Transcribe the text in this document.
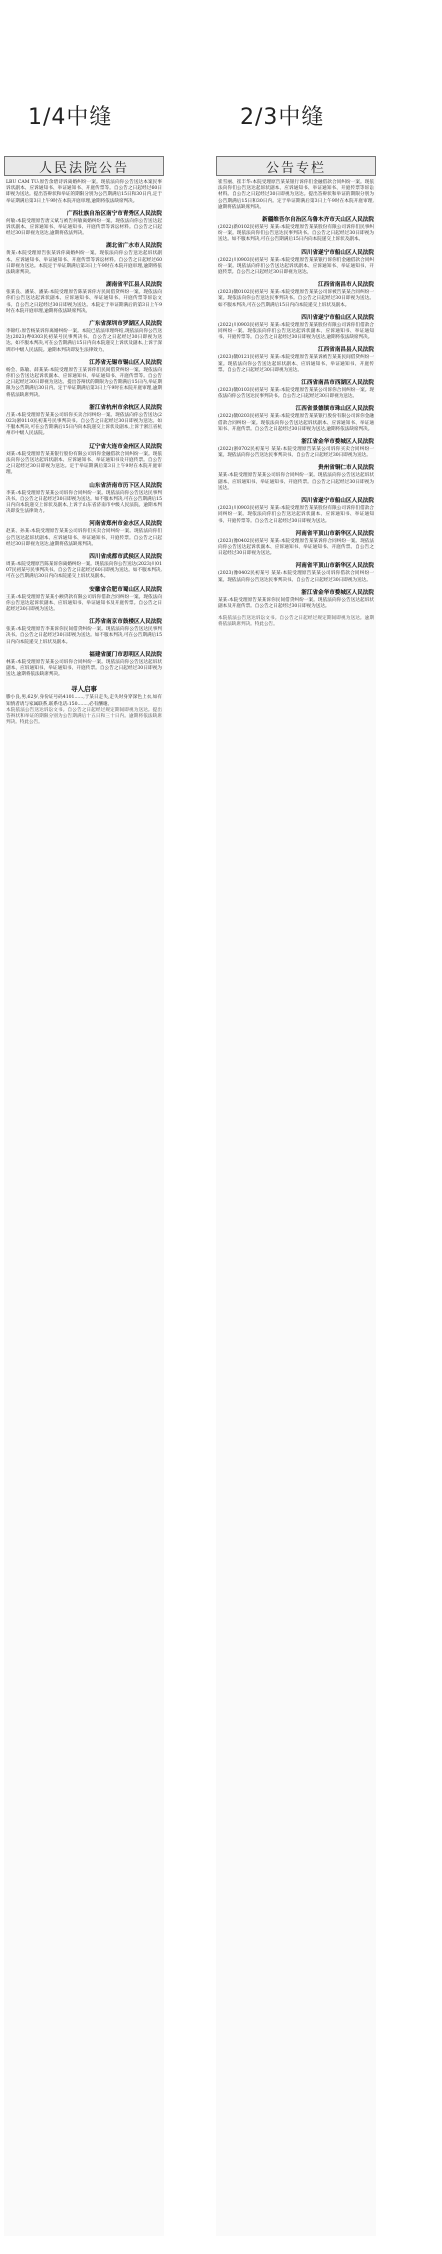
1/4中缝	2/3中缝
人民法院公告

LBU CAM TU:原告余碧诗诉离婚纠纷一案。现依法向你公告送达本案民事诉状副本、应诉通知书、举证通知书、开庭传票等。自公告之日起经过60日即视为送达。提出答辩状和举证的期限分别为公告期满后15日和30日内,定于举证期满后第3日上午9时在本院开庭审理,逾期将依法缺席判决。

广西壮族自治区南宁市青秀区人民法院

何敏:本院受理原告唐义斌与被告何敏离婚纠纷一案。现依法向你公告送达起诉状副本、应诉通知书、举证通知书、开庭传票等诉讼材料。自公告之日起经过30日即视为送达,逾期将依法判决。

湖北省广水市人民法院

黄某:本院受理原告张某诉你离婚纠纷一案。现依法向你公告送达起诉状副本、应诉通知书、举证通知书、开庭传票等诉讼材料。自公告之日起经过60日即视为送达。本院定于举证期满后第3日上午9时在本院开庭审理,逾期将依法缺席判决。

湖南省平江县人民法院

张某良、潘某、潘某:本院受理原告陈某诉你方民间借贷纠纷一案。现依法向你们公告送达起诉状副本、应诉通知书、举证通知书、开庭传票等诉讼文书。自公告之日起经过30日即视为送达。本院定于举证期满后的第3日上午9时在本院开庭审理,逾期将依法缺席判决。

广东省深圳市罗湖区人民法院

李锦红:原告杨某诉你离婚纠纷一案。本院已依法审理终结,现依法向你公告送达(2023)粤0303民初某号民事判决书。自公告之日起经过30日即视为送达。如不服本判决,可在公告期满后15日内向本院递交上诉状及副本,上诉于深圳市中级人民法院。逾期本判决即发生法律效力。

江苏省无锡市锡山区人民法院

杨会、陈敏、薛某某:本院受理原告王某诉你们民间借贷纠纷一案。现依法向你们公告送达起诉状副本、应诉通知书、举证通知书、开庭传票等。自公告之日起经过30日即视为送达。提出答辩状的期限为公告期满后15日内,举证期限为公告期满后30日内。定于举证期满后第3日上午9时在本院开庭审理,逾期将依法缺席判决。

浙江省杭州市余杭区人民法院

吕某:本院受理原告某某公司诉你买卖合同纠纷一案。现依法向你公告送达(2023)浙0110民初某号民事判决书。自公告之日起经过30日即视为送达。如不服本判决,可在公告期满后15日内向本院递交上诉状及副本,上诉于浙江省杭州市中级人民法院。

辽宁省大连市金州区人民法院

刘某:本院受理原告某某银行股份有限公司诉你金融借款合同纠纷一案。现依法向你公告送达起诉状副本、应诉通知书、举证通知书及开庭传票。自公告之日起经过30日即视为送达。定于举证期满后第3日上午9时在本院开庭审理。

山东省济南市历下区人民法院

李某:本院受理原告某某公司诉你合同纠纷一案。现依法向你公告送达民事判决书。自公告之日起经过30日即视为送达。如不服本判决,可在公告期满后15日内向本院递交上诉状及副本,上诉于山东省济南市中级人民法院。逾期本判决即发生法律效力。

河南省郑州市金水区人民法院

赵某、孙某:本院受理原告某某公司诉你们买卖合同纠纷一案。现依法向你们公告送达起诉状副本、应诉通知书、举证通知书、开庭传票。自公告之日起经过30日即视为送达,逾期将依法缺席判决。

四川省成都市武侯区人民法院

周某:本院受理原告陈某诉你离婚纠纷一案。现依法向你公告送达(2023)川0107民初某号民事判决书。自公告之日起经过60日即视为送达。如不服本判决,可在公告期满后30日内向本院递交上诉状及副本。

安徽省合肥市蜀山区人民法院

王某:本院受理原告某某小额贷款有限公司诉你借款合同纠纷一案。现依法向你公告送达起诉状副本、应诉通知书、举证通知书及开庭传票。自公告之日起经过30日即视为送达。

江苏省南京市鼓楼区人民法院

张某:本院受理原告李某诉你民间借贷纠纷一案。现依法向你公告送达民事判决书。自公告之日起经过30日即视为送达。如不服本判决,可在公告期满后15日内向本院递交上诉状及副本。

福建省厦门市思明区人民法院

林某:本院受理原告某某公司诉你合同纠纷一案。现依法向你公告送达起诉状副本、应诉通知书、举证通知书、开庭传票。自公告之日起经过30日即视为送达,逾期将依法缺席判决。

寻人启事

滕小良,男,62岁,身份证号码4101......,于某日走失,走失时身穿深色上衣,如有知情者请与家属联系,联系电话:150.......,必有酬谢。

本院依法公告送达诉讼文书。自公告之日起经过规定期间即视为送达。提出答辩状和举证的期限分别为公告期满后十五日和三十日内。逾期将依法缺席判决。特此公告。

公告专栏

崔雪丽、崔丰华:本院受理原告某某银行诉你们金融借款合同纠纷一案。现依法向你们公告送达起诉状副本、应诉通知书、举证通知书、开庭传票等诉讼材料。自公告之日起经过30日即视为送达。提出答辩状和举证的期限分别为公告期满后15日和30日内。定于举证期满后第3日上午9时在本院开庭审理,逾期将依法缺席判决。

新疆维吾尔自治区乌鲁木齐市天山区人民法院

(2022)新0102民初某号 某某:本院受理原告某某股份有限公司诉你们民事纠纷一案。现依法向你们公告送达民事判决书。自公告之日起经过30日即视为送达。如不服本判决,可在公告期满后15日内向本院递交上诉状及副本。

四川省遂宁市船山区人民法院

(2022)川0903民初某号 某某:本院受理原告某某银行诉你们金融借款合同纠纷一案。现依法向你们公告送达起诉状副本、应诉通知书、举证通知书、开庭传票。自公告之日起经过30日即视为送达。

江西省南昌市人民法院

(2023)赣0102民初某号 某某:本院受理原告某某公司诉被告某某合同纠纷一案。现依法向你公告送达民事判决书。自公告之日起经过30日即视为送达。如不服本判决,可在公告期满后15日内向本院递交上诉状及副本。

四川省遂宁市船山区人民法院

(2022)川0903民初某号 某某:本院受理原告某某股份有限公司诉你们借款合同纠纷一案。现依法向你们公告送达起诉状副本、应诉通知书、举证通知书、开庭传票等。自公告之日起经过30日即视为送达,逾期将依法缺席判决。

江西省南昌县人民法院

(2023)赣0121民初某号 某某:本院受理原告某某诉被告某某民间借贷纠纷一案。现依法向你公告送达起诉状副本、应诉通知书、举证通知书、开庭传票。自公告之日起经过30日即视为送达。

江西省南昌市西湖区人民法院

(2023)赣0103民初某号 某某:本院受理原告某某公司诉你合同纠纷一案。现依法向你公告送达民事判决书。自公告之日起经过30日即视为送达。

江西省景德镇市珠山区人民法院

(2022)赣0203民初某号 某某:本院受理原告某某银行股份有限公司诉你金融借款合同纠纷一案。现依法向你公告送达起诉状副本、应诉通知书、举证通知书、开庭传票。自公告之日起经过30日即视为送达,逾期将依法缺席判决。

浙江省金华市婺城区人民法院

(2022)浙0702民初某号 某某:本院受理原告某某公司诉你买卖合同纠纷一案。现依法向你公告送达民事判决书。自公告之日起经过30日即视为送达。

贵州省铜仁市人民法院

某某:本院受理原告某某公司诉你合同纠纷一案。现依法向你公告送达起诉状副本、应诉通知书、举证通知书、开庭传票。自公告之日起经过30日即视为送达。

四川省遂宁市船山区人民法院

(2023)川0903民初某号 某某:本院受理原告某某股份有限公司诉你们借款合同纠纷一案。现依法向你们公告送达起诉状副本、应诉通知书、举证通知书、开庭传票等。自公告之日起经过30日即视为送达。

河南省平顶山市新华区人民法院

(2023)豫0402民初某号 某某:本院受理原告某某诉你合同纠纷一案。现依法向你公告送达起诉状副本、应诉通知书、举证通知书、开庭传票。自公告之日起经过30日即视为送达。

河南省平顶山市新华区人民法院

(2023)豫0402民初某号 某某:本院受理原告某某公司诉你借款合同纠纷一案。现依法向你公告送达民事判决书。自公告之日起经过30日即视为送达。

浙江省金华市婺城区人民法院

某某:本院受理原告某某诉你民间借贷纠纷一案。现依法向你公告送达起诉状副本及开庭传票。自公告之日起经过30日即视为送达。

本院依法公告送达诉讼文书。自公告之日起经过规定期间即视为送达。逾期将依法缺席判决。特此公告。
